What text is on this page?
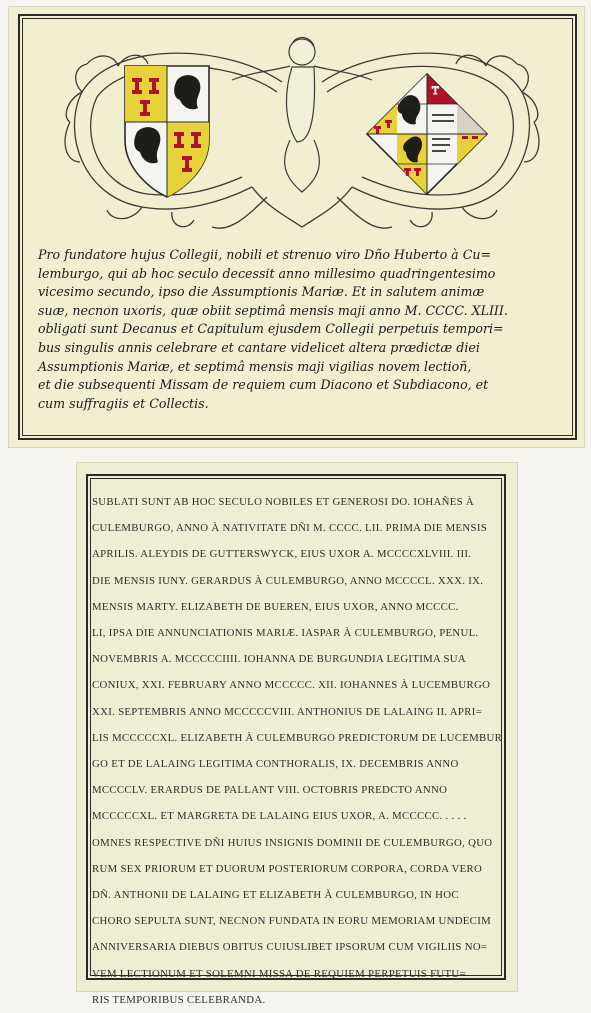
T
Pro fundatore hujus Collegii, nobili et strenuo viro Dño Huberto à Cu=
lemburgo, qui ab hoc seculo decessit anno millesimo quadringentesimo
vicesimo secundo, ipso die Assumptionis Mariæ. Et in salutem animæ
suæ, necnon uxoris, quæ obiit septimâ mensis maji anno M. CCCC. XLIII.
obligati sunt Decanus et Capitulum ejusdem Collegii perpetuis tempori=
bus singulis annis celebrare et cantare videlicet altera prædictæ diei
Assumptionis Mariæ, et septimâ mensis maji vigilias novem lectioñ,
et die subsequenti Missam de requiem cum Diacono et Subdiacono, et
cum suffragiis et Collectis.
SUBLATI SUNT AB HOC SECULO NOBILES ET GENEROSI DO. IOHAÑES À
CULEMBURGO, ANNO À NATIVITATE DÑI M. CCCC. LII. PRIMA DIE MENSIS
APRILIS. ALEYDIS DE GUTTERSWYCK, EIUS UXOR A. MCCCCXLVIII. III.
DIE MENSIS IUNY. GERARDUS À CULEMBURGO, ANNO MCCCCL. XXX. IX.
MENSIS MARTY. ELIZABETH DE BUEREN, EIUS UXOR, ANNO MCCCC.
LI, IPSA DIE ANNUNCIATIONIS MARIÆ. IASPAR À CULEMBURGO, PENUL.
NOVEMBRIS A. MCCCCCIIII. IOHANNA DE BURGUNDIA LEGITIMA SUA
CONIUX, XXI. FEBRUARY ANNO MCCCCC. XII. IOHANNES À LUCEMBURGO
XXI. SEPTEMBRIS ANNO MCCCCCVIII. ANTHONIUS DE LALAING II. APRI=
LIS MCCCCCXL. ELIZABETH À CULEMBURGO PREDICTORUM DE LUCEMBUR
GO ET DE LALAING LEGITIMA CONTHORALIS, IX. DECEMBRIS ANNO
MCCCCLV. ERARDUS DE PALLANT VIII. OCTOBRIS PREDCTO ANNO
MCCCCCXL. ET MARGRETA DE LALAING EIUS UXOR, A. MCCCCC. . . . .
OMNES RESPECTIVE DÑI HUIUS INSIGNIS DOMINII DE CULEMBURGO, QUO
RUM SEX PRIORUM ET DUORUM POSTERIORUM CORPORA, CORDA VERO
DÑ. ANTHONII DE LALAING ET ELIZABETH À CULEMBURGO, IN HOC
CHORO SEPULTA SUNT, NECNON FUNDATA IN EORU MEMORIAM UNDECIM
ANNIVERSARIA DIEBUS OBITUS CUIUSLIBET IPSORUM CUM VIGILIIS NO=
VEM LECTIONUM ET SOLEMNI MISSA DE REQUIEM PERPETUIS FUTU=
RIS TEMPORIBUS CELEBRANDA.
